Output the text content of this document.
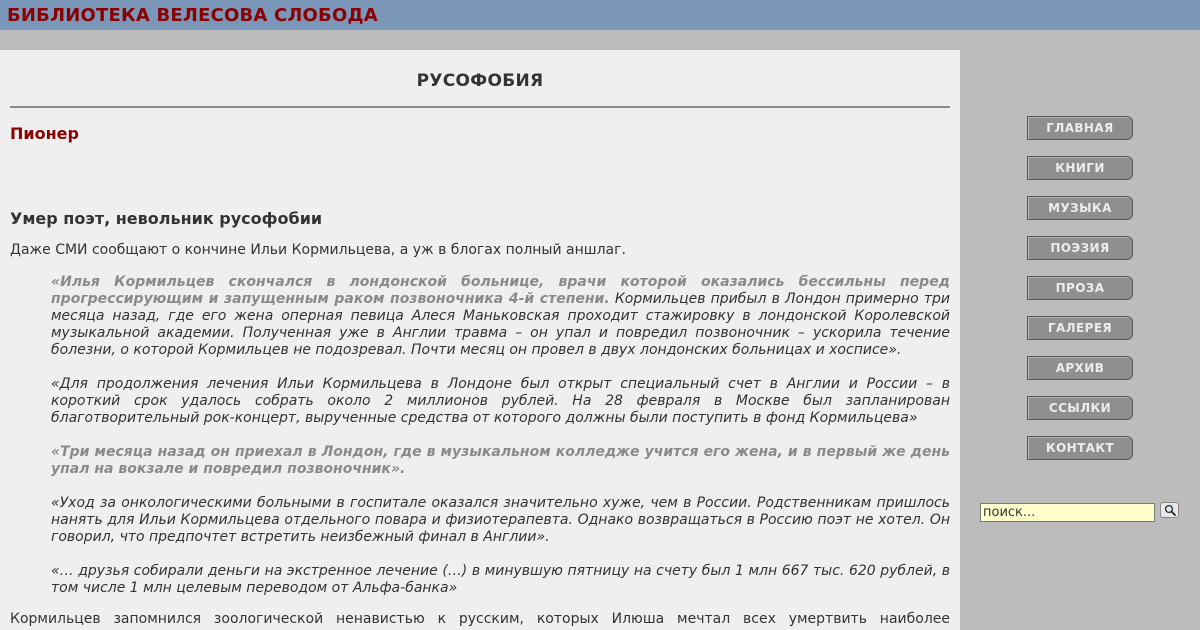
БИБЛИОТЕКА ВЕЛЕСОВА СЛОБОДА
РУСОФОБИЯ
Пионер
Умер поэт, невольник русофобии
Даже СМИ сообщают о кончине Ильи Кормильцева, а уж в блогах полный аншлаг.

«Илья Кормильцев скончался в лондонской больнице, врачи которой оказались бессильны перед прогрессирующим и запущенным раком позвоночника 4-й степени. Кормильцев прибыл в Лондон примерно три месяца назад, где его жена оперная певица Алеся Маньковская проходит стажировку в лондонской Королевской музыкальной академии. Полученная уже в Англии травма – он упал и повредил позвоночник – ускорила течение болезни, о которой Кормильцев не подозревал. Почти месяц он провел в двух лондонских больницах и хосписе».

«Для продолжения лечения Ильи Кормильцева в Лондоне был открыт специальный счет в Англии и России – в короткий срок удалось собрать около 2 миллионов рублей. На 28 февраля в Москве был запланирован благотворительный рок-концерт, вырученные средства от которого должны были поступить в фонд Кормильцева»

«Три месяца назад он приехал в Лондон, где в музыкальном колледже учится его жена, и в первый же день упал на вокзале и повредил позвоночник».

«Уход за онкологическими больными в госпитале оказался значительно хуже, чем в России. Родственникам пришлось нанять для Ильи Кормильцева отдельного повара и физиотерапевта. Однако возвращаться в Россию поэт не хотел. Он говорил, что предпочтет встретить неизбежный финал в Англии».

«… друзья собирали деньги на экстренное лечение (…) в минувшую пятницу на счету был 1 млн 667 тыс. 620 рублей, в том числе 1 млн целевым переводом от Альфа-банка»

Кормильцев запомнился зоологической ненавистью к русским, которых Илюша мечтал всех умертвить наиболее
ГЛАВНАЯ
КНИГИ
МУЗЫКА
ПОЭЗИЯ
ПРОЗА
ГАЛЕРЕЯ
АРХИВ
ССЫЛКИ
КОНТАКТ
поиск...
